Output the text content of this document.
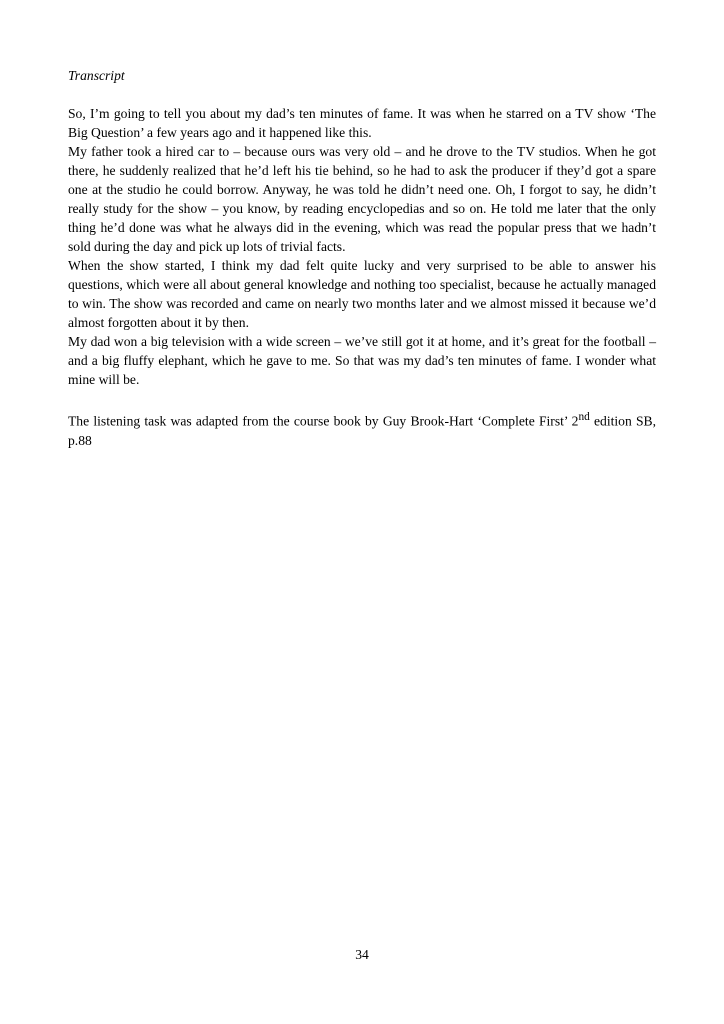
Transcript

So, I’m going to tell you about my dad’s ten minutes of fame. It was when he starred on a TV show ‘The Big Question’ a few years ago and it happened like this.

My father took a hired car to – because ours was very old – and he drove to the TV studios. When he got there, he suddenly realized that he’d left his tie behind, so he had to ask the producer if they’d got a spare one at the studio he could borrow. Anyway, he was told he didn’t need one. Oh, I forgot to say, he didn’t really study for the show – you know, by reading encyclopedias and so on. He told me later that the only thing he’d done was what he always did in the evening, which was read the popular press that we hadn’t sold during the day and pick up lots of trivial facts.

When the show started, I think my dad felt quite lucky and very surprised to be able to answer his questions, which were all about general knowledge and nothing too specialist, because he actually managed to win. The show was recorded and came on nearly two months later and we almost missed it because we’d almost forgotten about it by then.

My dad won a big television with a wide screen – we’ve still got it at home, and it’s great for the football – and a big fluffy elephant, which he gave to me. So that was my dad’s ten minutes of fame. I wonder what mine will be.

The listening task was adapted from the course book by Guy Brook-Hart ‘Complete First’ 2nd edition SB, p.88

34
